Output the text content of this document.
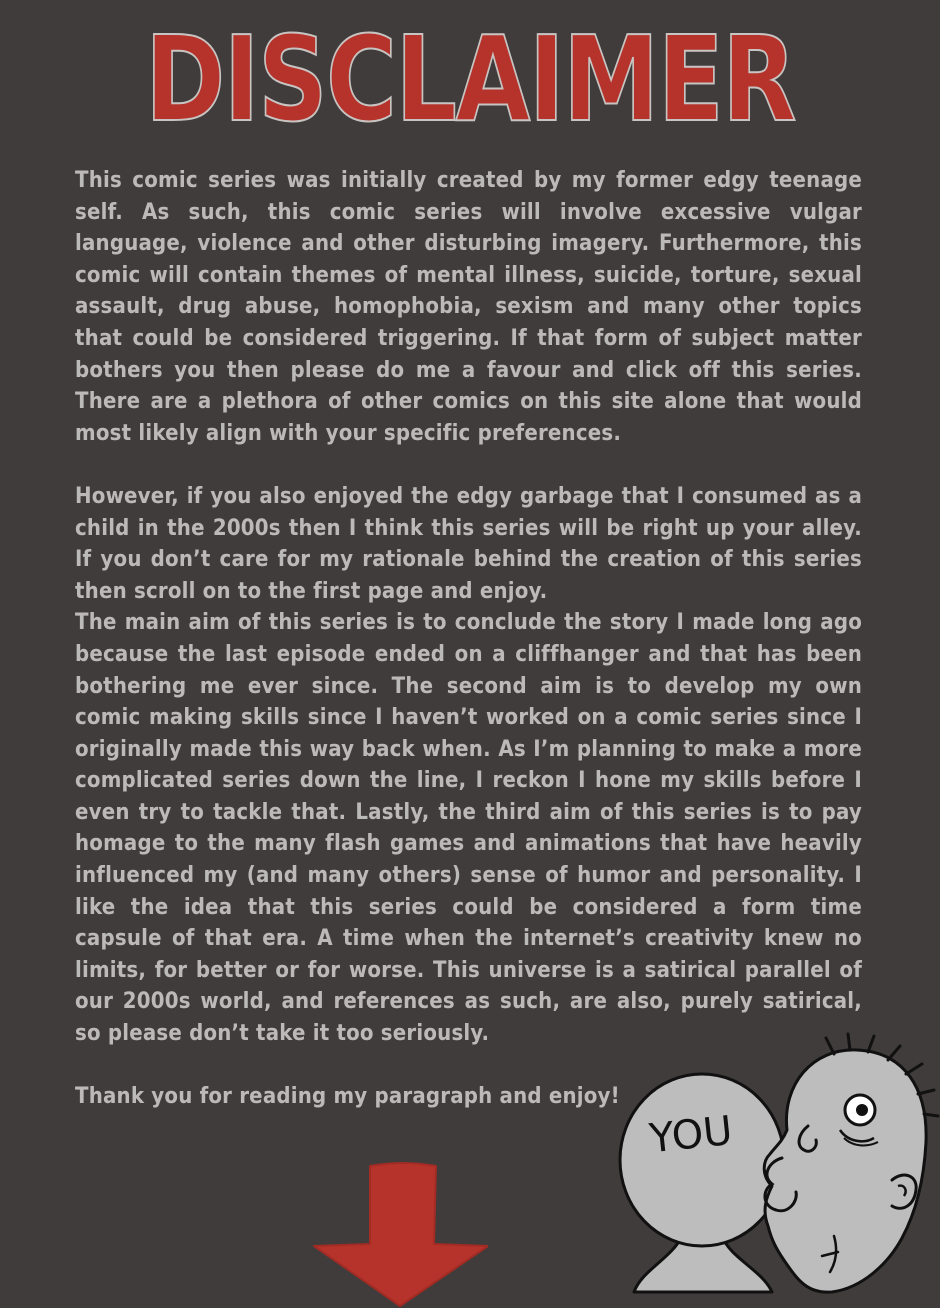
DISCLAIMER

This comic series was initially created by my former edgy teenage self. As such, this comic series will involve excessive vulgar language, violence and other disturbing imagery. Furthermore, this comic will contain themes of mental illness, suicide, torture, sexual assault, drug abuse, homophobia, sexism and many other topics that could be considered triggering. If that form of subject matter bothers you then please do me a favour and click off this series. There are a plethora of other comics on this site alone that would most likely align with your specific preferences.

However, if you also enjoyed the edgy garbage that I consumed as a child in the 2000s then I think this series will be right up your alley. If you don’t care for my rationale behind the creation of this series then scroll on to the first page and enjoy.

The main aim of this series is to conclude the story I made long ago because the last episode ended on a cliffhanger and that has been bothering me ever since. The second aim is to develop my own comic making skills since I haven’t worked on a comic series since I originally made this way back when. As I’m planning to make a more complicated series down the line, I reckon I hone my skills before I even try to tackle that. Lastly, the third aim of this series is to pay homage to the many flash games and animations that have heavily influenced my (and many others) sense of humor and personality. I like the idea that this series could be considered a form time capsule of that era. A time when the internet’s creativity knew no limits, for better or for worse. This universe is a satirical parallel of our 2000s world, and references as such, are also, purely satirical, so please don’t take it too seriously.

Thank you for reading my paragraph and enjoy!

YOU
